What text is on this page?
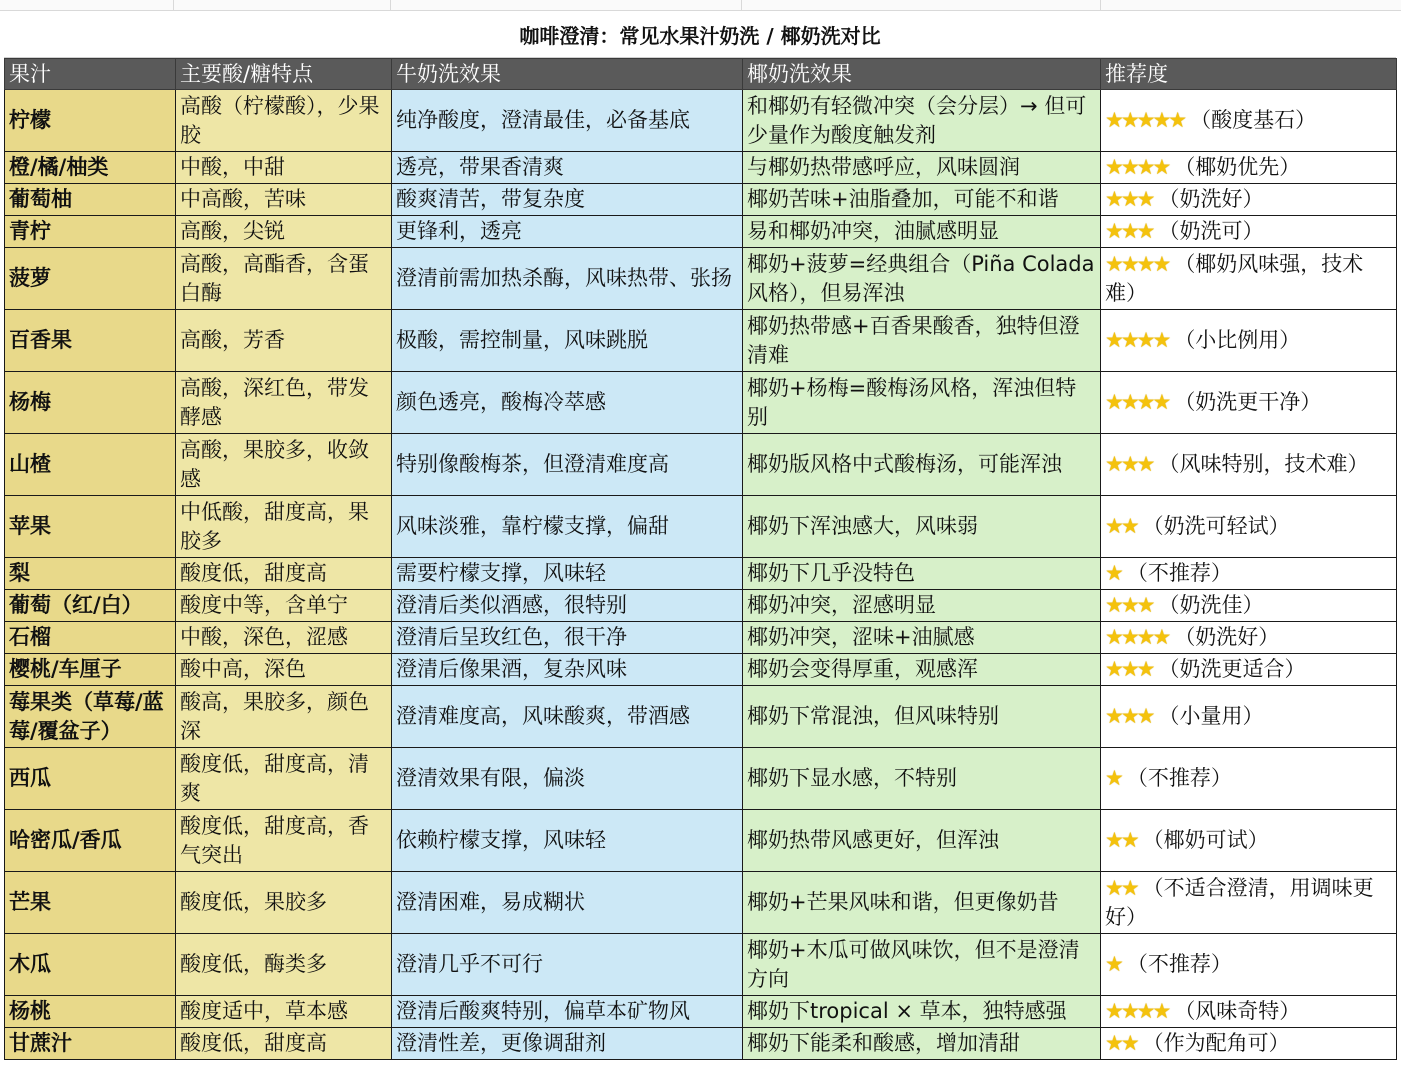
咖啡澄清：常见水果汁奶洗 / 椰奶洗对比
果汁	主要酸/糖特点	牛奶洗效果	椰奶洗效果	推荐度
柠檬	高酸（柠檬酸），少果胶	纯净酸度，澄清最佳，必备基底	和椰奶有轻微冲突（会分层）→ 但可少量作为酸度触发剂	★★★★★ （酸度基石）
橙/橘/柚类	中酸，中甜	透亮，带果香清爽	与椰奶热带感呼应，风味圆润	★★★★ （椰奶优先）
葡萄柚	中高酸，苦味	酸爽清苦，带复杂度	椰奶苦味+油脂叠加，可能不和谐	★★★ （奶洗好）
青柠	高酸，尖锐	更锋利，透亮	易和椰奶冲突，油腻感明显	★★★ （奶洗可）
菠萝	高酸，高酯香，含蛋白酶	澄清前需加热杀酶，风味热带、张扬	椰奶+菠萝=经典组合（Piña Colada 风格），但易浑浊	★★★★ （椰奶风味强，技术难）
百香果	高酸，芳香	极酸，需控制量，风味跳脱	椰奶热带感+百香果酸香，独特但澄清难	★★★★ （小比例用）
杨梅	高酸，深红色，带发酵感	颜色透亮，酸梅冷萃感	椰奶+杨梅=酸梅汤风格，浑浊但特别	★★★★ （奶洗更干净）
山楂	高酸，果胶多，收敛感	特别像酸梅茶，但澄清难度高	椰奶版风格中式酸梅汤，可能浑浊	★★★ （风味特别，技术难）
苹果	中低酸，甜度高，果胶多	风味淡雅，靠柠檬支撑，偏甜	椰奶下浑浊感大，风味弱	★★ （奶洗可轻试）
梨	酸度低，甜度高	需要柠檬支撑，风味轻	椰奶下几乎没特色	★ （不推荐）
葡萄（红/白）	酸度中等，含单宁	澄清后类似酒感，很特别	椰奶冲突，涩感明显	★★★ （奶洗佳）
石榴	中酸，深色，涩感	澄清后呈玫红色，很干净	椰奶冲突，涩味+油腻感	★★★★ （奶洗好）
樱桃/车厘子	酸中高，深色	澄清后像果酒，复杂风味	椰奶会变得厚重，观感浑	★★★ （奶洗更适合）
莓果类（草莓/蓝莓/覆盆子）	酸高，果胶多，颜色深	澄清难度高，风味酸爽，带酒感	椰奶下常混浊，但风味特别	★★★ （小量用）
西瓜	酸度低，甜度高，清爽	澄清效果有限，偏淡	椰奶下显水感，不特别	★ （不推荐）
哈密瓜/香瓜	酸度低，甜度高，香气突出	依赖柠檬支撑，风味轻	椰奶热带风感更好，但浑浊	★★ （椰奶可试）
芒果	酸度低，果胶多	澄清困难，易成糊状	椰奶+芒果风味和谐，但更像奶昔	★★ （不适合澄清，用调味更好）
木瓜	酸度低，酶类多	澄清几乎不可行	椰奶+木瓜可做风味饮，但不是澄清方向	★ （不推荐）
杨桃	酸度适中，草本感	澄清后酸爽特别，偏草本矿物风	椰奶下tropical × 草本，独特感强	★★★★ （风味奇特）
甘蔗汁	酸度低，甜度高	澄清性差，更像调甜剂	椰奶下能柔和酸感，增加清甜	★★ （作为配角可）
